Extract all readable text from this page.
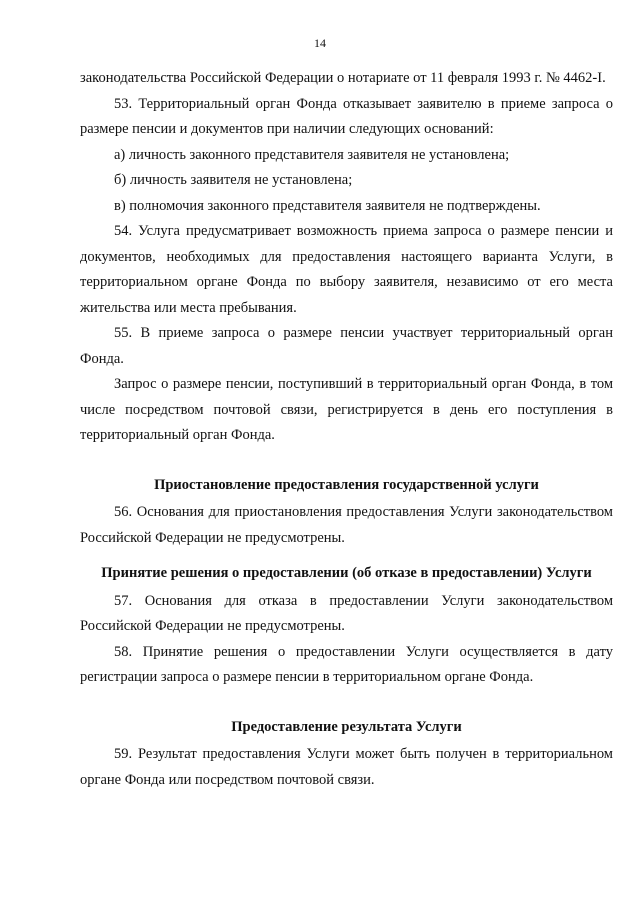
14

законодательства Российской Федерации о нотариате от 11 февраля 1993 г. № 4462-I.

53. Территориальный орган Фонда отказывает заявителю в приеме запроса о размере пенсии и документов при наличии следующих оснований:

а) личность законного представителя заявителя не установлена;

б) личность заявителя не установлена;

в) полномочия законного представителя заявителя не подтверждены.

54. Услуга предусматривает возможность приема запроса о размере пенсии и документов, необходимых для предоставления настоящего варианта Услуги, в территориальном органе Фонда по выбору заявителя, независимо от его места жительства или места пребывания.

55. В приеме запроса о размере пенсии участвует территориальный орган Фонда.

Запрос о размере пенсии, поступивший в территориальный орган Фонда, в том числе посредством почтовой связи, регистрируется в день его поступления в территориальный орган Фонда.

Приостановление предоставления государственной услуги

56. Основания для приостановления предоставления Услуги законодательством Российской Федерации не предусмотрены.

Принятие решения о предоставлении (об отказе в предоставлении) Услуги

57. Основания для отказа в предоставлении Услуги законодательством Российской Федерации не предусмотрены.

58. Принятие решения о предоставлении Услуги осуществляется в дату регистрации запроса о размере пенсии в территориальном органе Фонда.

Предоставление результата Услуги

59. Результат предоставления Услуги может быть получен в территориальном органе Фонда или посредством почтовой связи.
